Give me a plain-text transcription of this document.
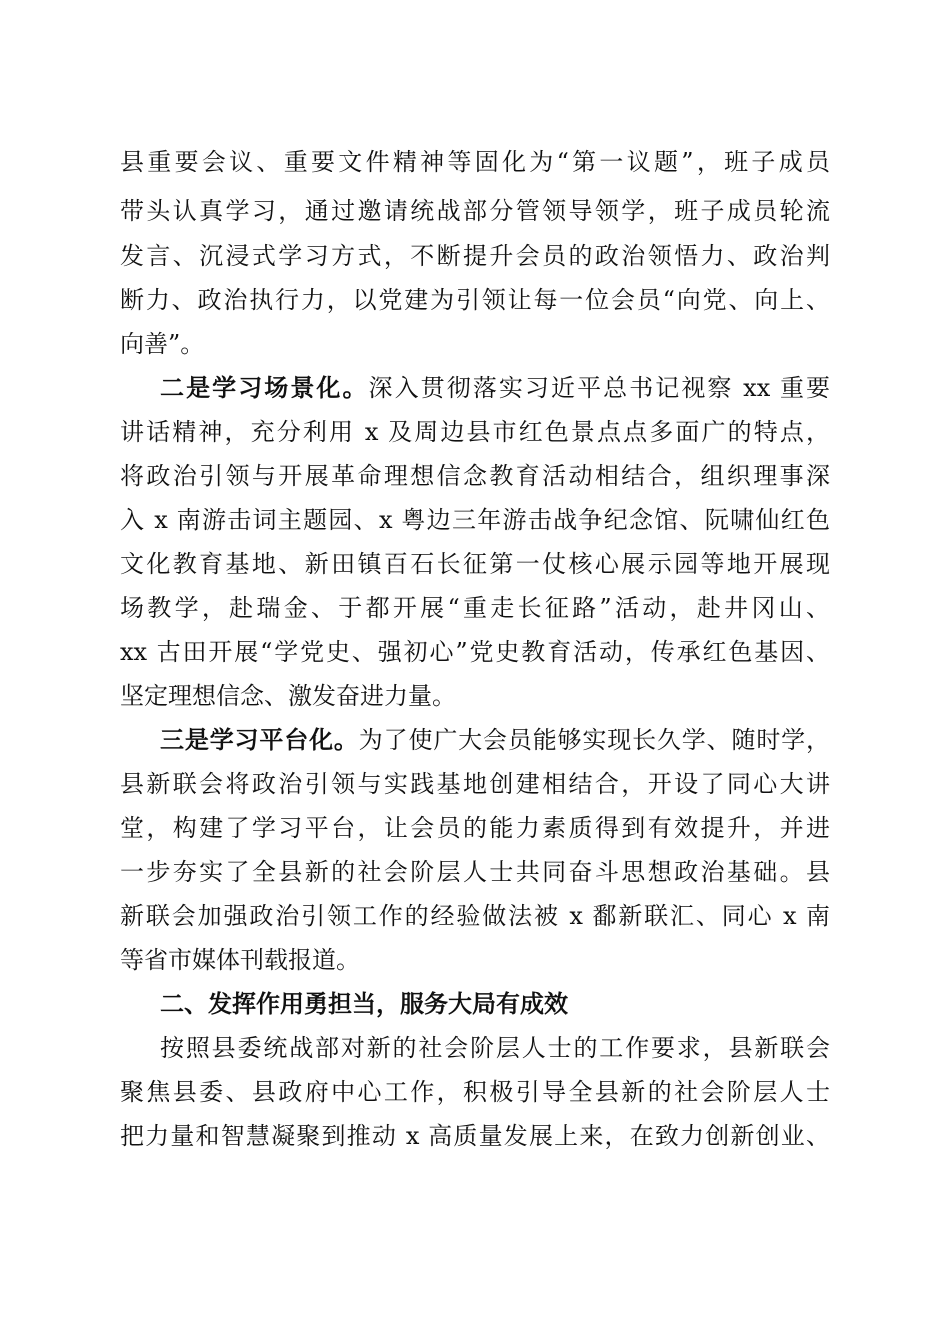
县重要会议、重要文件精神等固化为“第一议题”，班子成员
带头认真学习，通过邀请统战部分管领导领学，班子成员轮流
发言、沉浸式学习方式，不断提升会员的政治领悟力、政治判
断力、政治执行力，以党建为引领让每一位会员“向党、向上、
向善”。
二是学习场景化。深入贯彻落实习近平总书记视察 xx 重要
讲话精神，充分利用 x 及周边县市红色景点点多面广的特点，
将政治引领与开展革命理想信念教育活动相结合，组织理事深
入 x 南游击词主题园、x 粤边三年游击战争纪念馆、阮啸仙红色
文化教育基地、新田镇百石长征第一仗核心展示园等地开展现
场教学，赴瑞金、于都开展“重走长征路”活动，赴井冈山、
xx 古田开展“学党史、强初心”党史教育活动，传承红色基因、
坚定理想信念、激发奋进力量。
三是学习平台化。为了使广大会员能够实现长久学、随时学，
县新联会将政治引领与实践基地创建相结合，开设了同心大讲
堂，构建了学习平台，让会员的能力素质得到有效提升，并进
一步夯实了全县新的社会阶层人士共同奋斗思想政治基础。县
新联会加强政治引领工作的经验做法被 x 鄱新联汇、同心 x 南
等省市媒体刊载报道。
二、发挥作用勇担当，服务大局有成效
按照县委统战部对新的社会阶层人士的工作要求，县新联会
聚焦县委、县政府中心工作，积极引导全县新的社会阶层人士
把力量和智慧凝聚到推动 x 高质量发展上来，在致力创新创业、
